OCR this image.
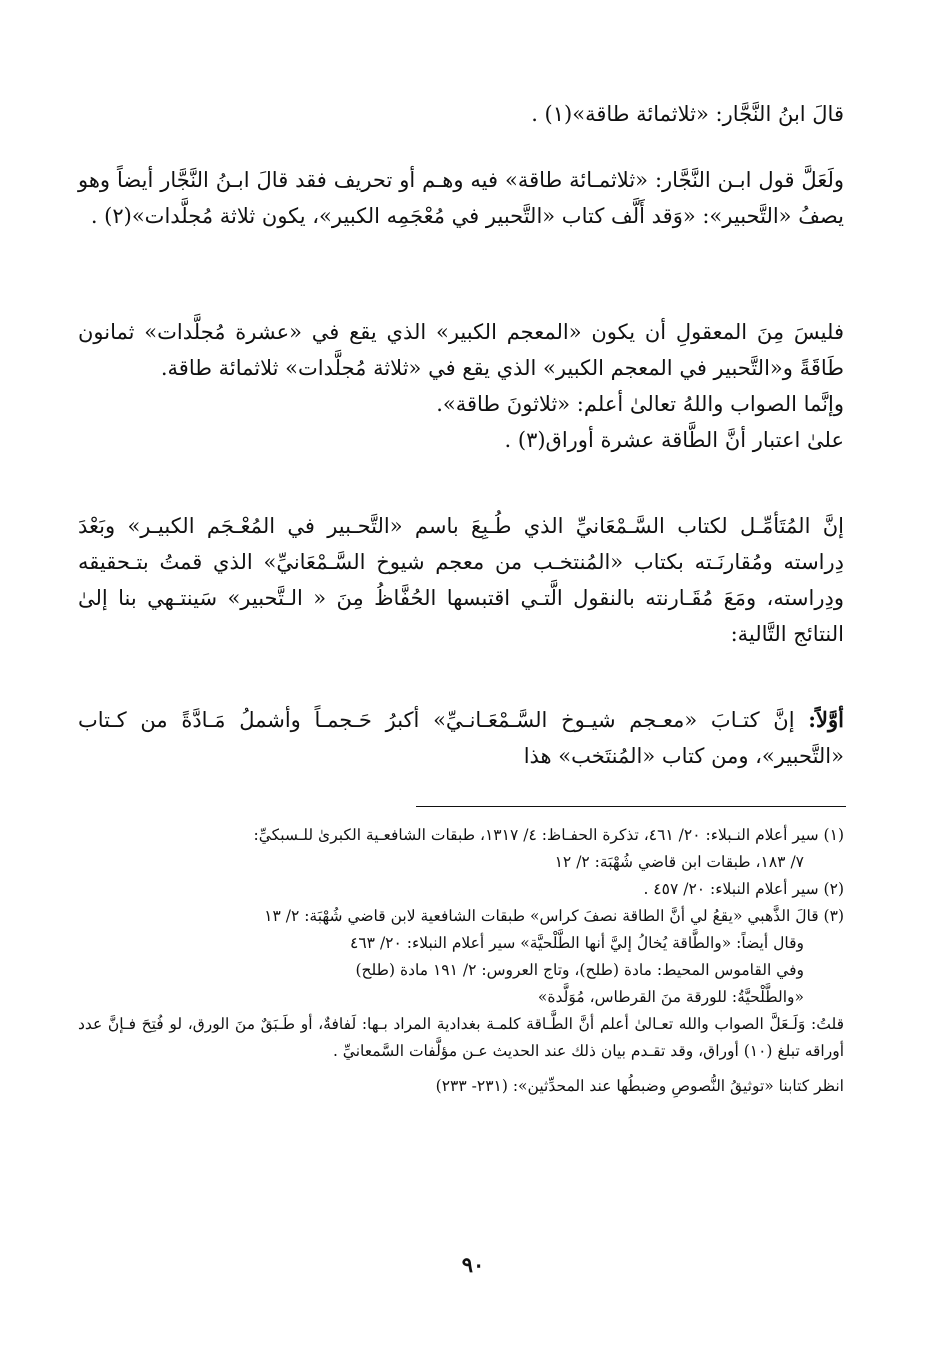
قالَ ابنُ النَّجَّار: «ثلاثمائة طاقة»(١) .

ولَعَلَّ قول ابـن النَّجَّار: «ثلاثمـائة طاقة» فيه وهـم أو تحريف فقد قالَ ابـنُ النَّجَّار أيضاً وهو يصفُ «التَّحبير»: «وَقد أَلَّف كتاب «التَّحبير في مُعْجَمِه الكبير»، يكون ثلاثة مُجلَّدات»(٢) .

فليسَ مِنَ المعقولِ أن يكون «المعجم الكبير» الذي يقع في «عشرة مُجلَّدات» ثمانون طَاقَةً و«التَّحبير في المعجم الكبير» الذي يقع في «ثلاثة مُجلَّدات» ثلاثمائة طاقة.

وإنَّما الصواب واللهُ تعالىٰ أعلم: «ثلاثونَ طاقة».

علىٰ اعتبار أنَّ الطَّاقة عشرة أوراق(٣) .

إنَّ المُتَأمِّـل لكتاب السَّـمْعَانيِّ الذي طُـبِعَ باسم «التَّحـبير في المُعْـجَم الكبيـر» وبَعْدَ دِراسته ومُقارنَـته بكتاب «المُنتخـب من معجم شيوخ السَّـمْعَانيِّ» الذي قمتُ بتـحقيقه ودِراسته، ومَعَ مُقَـارنته بالنقول الَّتـي اقتبسها الحُفَّاظُ مِنَ « الـتَّحبير» سَينتـهي بنا إلىٰ النتائج التَّالية:

أوَّلاً: إنَّ كتـابَ «معـجم شيـوخ السَّـمْعَـانـيِّ» أكبرُ حَـجمـاً وأشملُ مَـادَّةً من كـتاب «التَّحبير»، ومن كتاب «المُنتَخب» هذا

(١) سير أعلام النـبلاء: ٢٠/ ٤٦١، تذكرة الحفـاظ: ٤/ ١٣١٧، طبقات الشافعـية الكبرىٰ للـسبكيِّ:

٧/ ١٨٣، طبقات ابن قاضي شُهْبَة: ٢/ ١٢

(٢) سير أعلام النبلاء: ٢٠/ ٤٥٧ .

(٣) قالَ الذَّهبي «يقعُ لي أنَّ الطاقة نصفَ كراس» طبقات الشافعية لابن قاضي شُهْبَة: ٢/ ١٣

وقال أيضاً: «والطَّاقة يُخالُ إليَّ أنها الطَّلْحيَّة» سير أعلام النبلاء: ٢٠/ ٤٦٣

وفي القاموس المحيط: مادة (طلح)، وتاج العروس: ٢/ ١٩١ مادة (طلح)

«والطَّلْحيَّةُ: للورقة منَ القرطاس، مُوَلَّدة»

قلتُ: وَلَـعَلَّ الصواب والله تعـالىٰ أعلم أنَّ الطَّـاقة كلمـة بغدادية المراد بـها: لَفافةٌ، أو طَـبَقٌ منَ الورق، لو فُتِحَ فـإنَّ عدد أوراقه تبلغ (١٠) أوراق، وقد تقـدم بيان ذلك عند الحديث عـن مؤلَّفات السَّمعانيِّ .

انظر كتابنا «توثيقُ النُّصوصِ وضبطُها عند المحدِّثين»: (٢٣١- ٢٣٣)

٩٠
